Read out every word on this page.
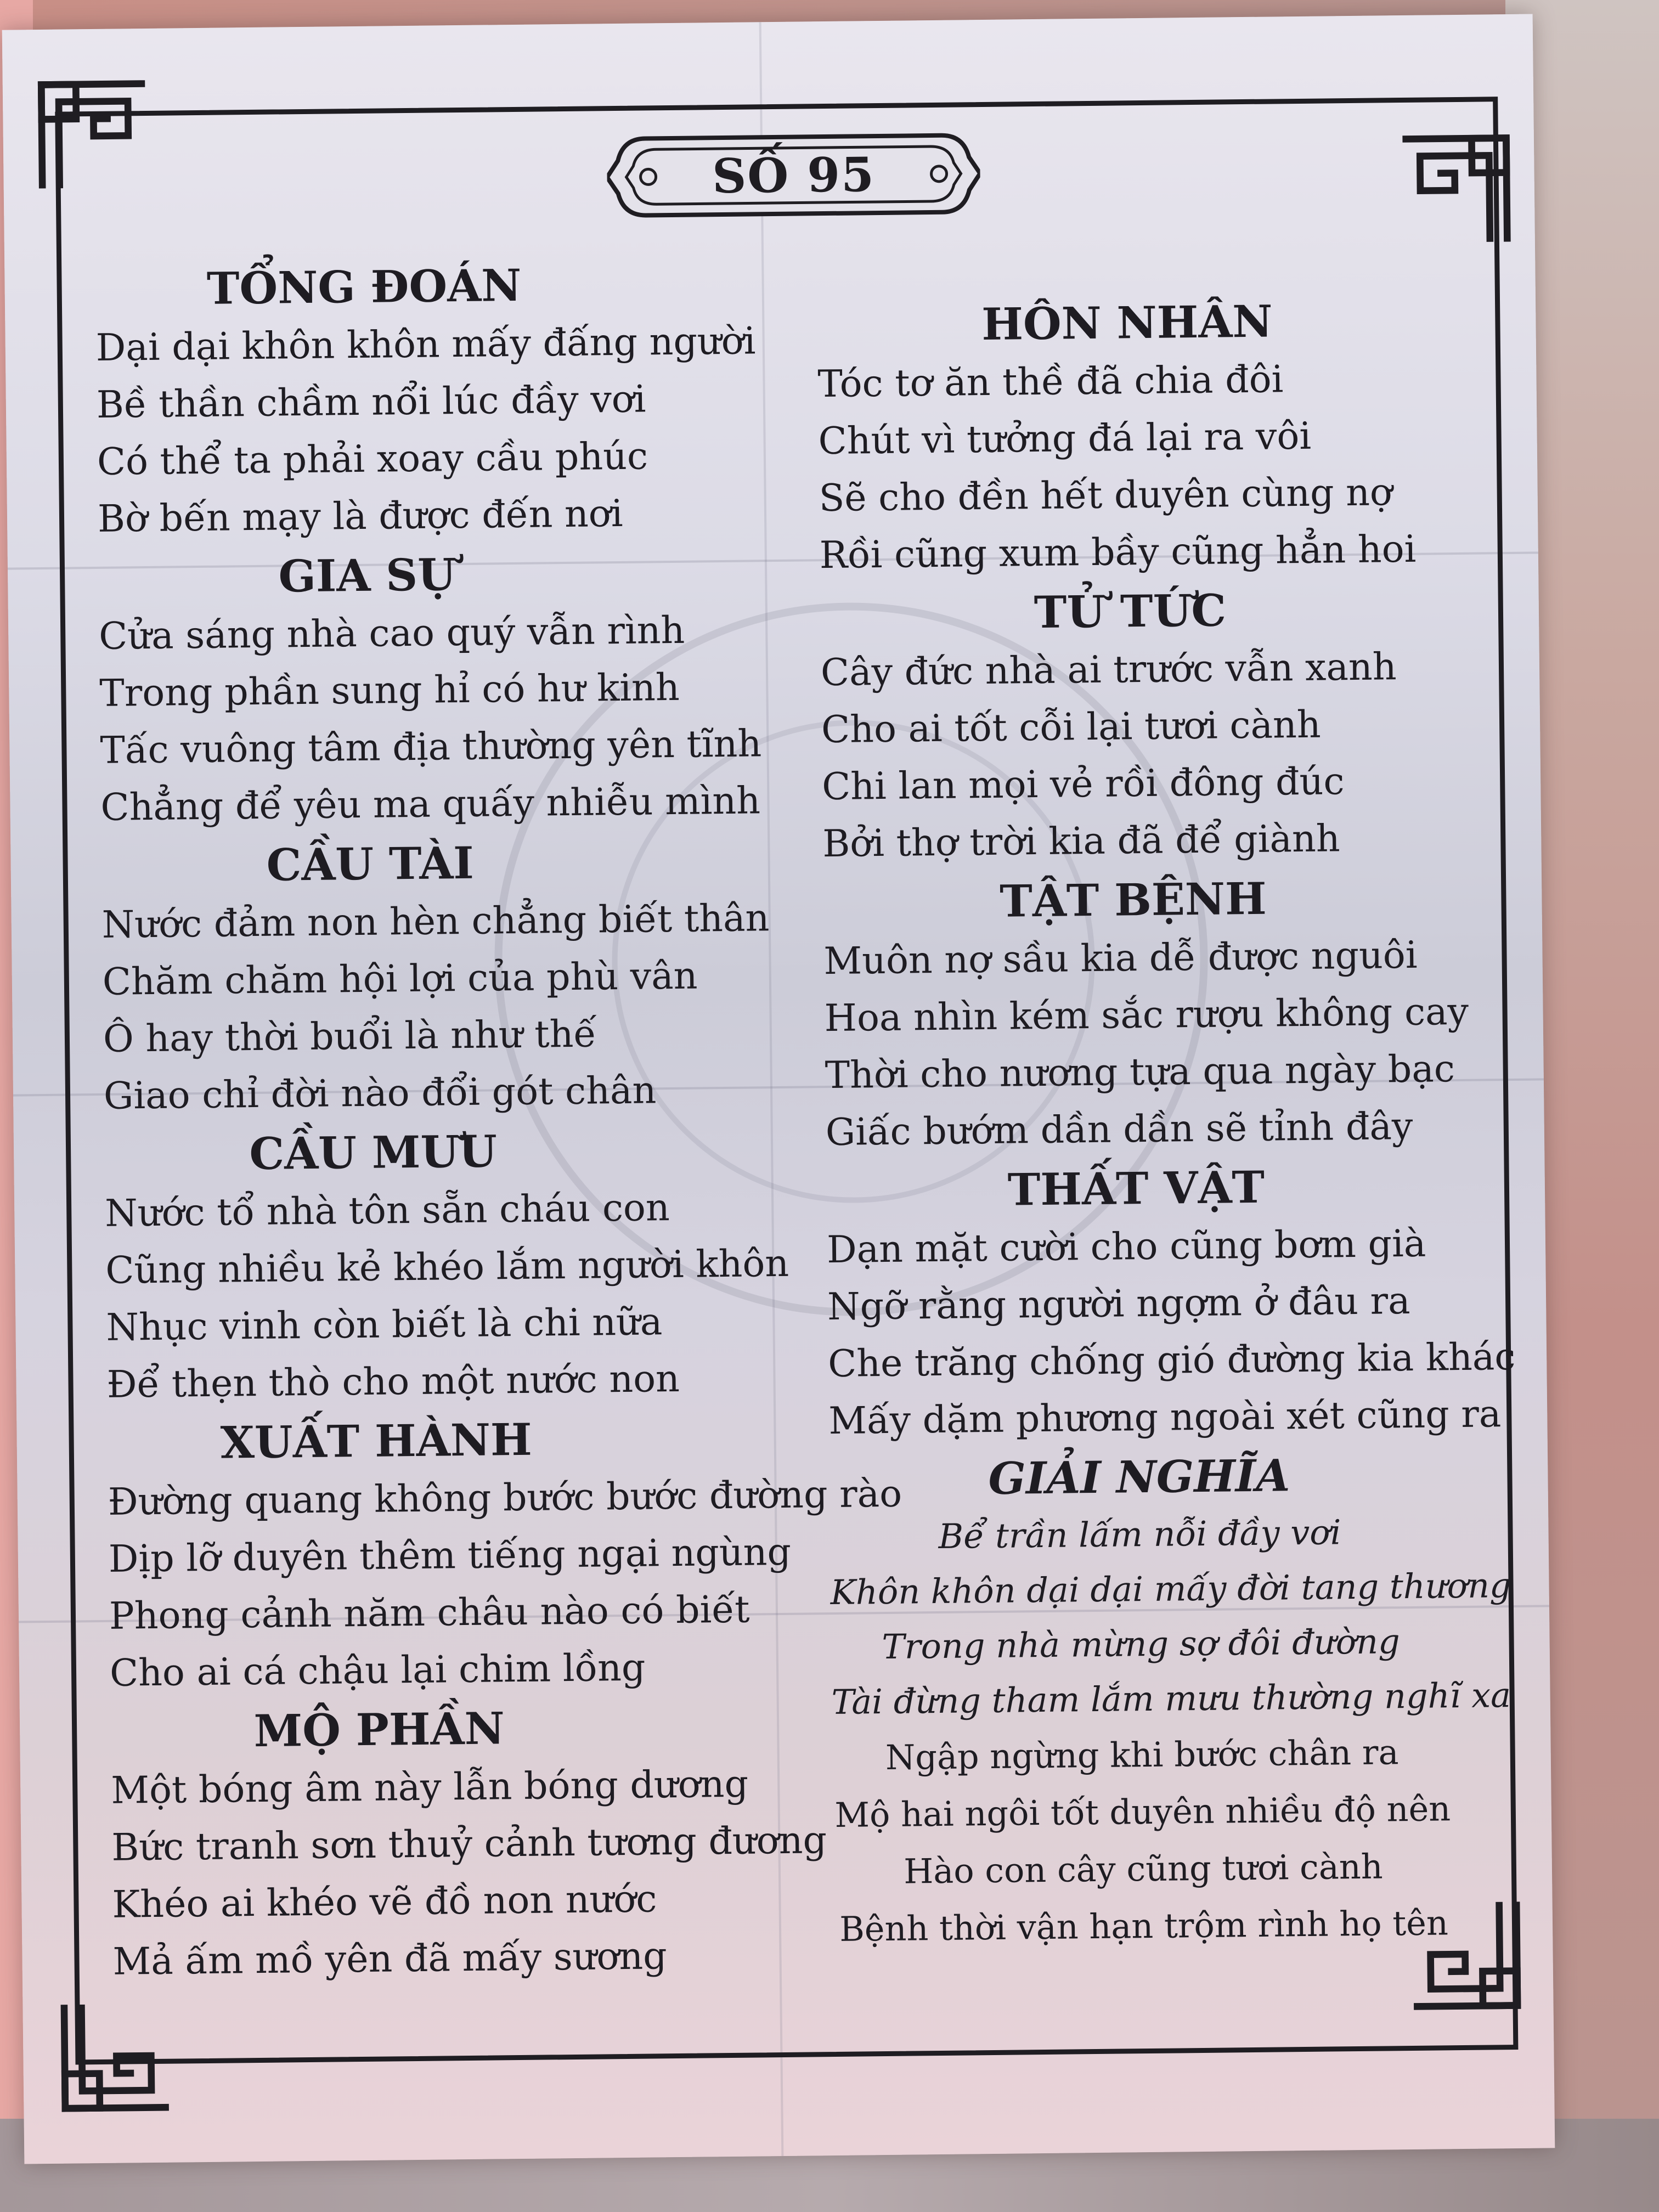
SỐ 95
TỔNG ĐOÁN
Dại dại khôn khôn mấy đấng người
Bề thần chầm nổi lúc đầy vơi
Có thể ta phải xoay cầu phúc
Bờ bến mạy là được đến nơi
GIA SỰ
Cửa sáng nhà cao quý vẫn rình
Trong phần sung hỉ có hư kinh
Tấc vuông tâm địa thường yên tĩnh
Chẳng để yêu ma quấy nhiễu mình
CẦU TÀI
Nước đảm non hèn chẳng biết thân
Chăm chăm hội lợi của phù vân
Ô hay thời buổi là như thế
Giao chỉ đời nào đổi gót chân
CẦU MƯU
Nước tổ nhà tôn sẵn cháu con
Cũng nhiều kẻ khéo lắm người khôn
Nhục vinh còn biết là chi nữa
Để thẹn thò cho một nước non
XUẤT HÀNH
Đường quang không bước bước đường rào
Dịp lỡ duyên thêm tiếng ngại ngùng
Phong cảnh năm châu nào có biết
Cho ai cá chậu lại chim lồng
MỘ PHẦN
Một bóng âm này lẫn bóng dương
Bức tranh sơn thuỷ cảnh tương đương
Khéo ai khéo vẽ đồ non nước
Mả ấm mồ yên đã mấy sương
HÔN NHÂN
Tóc tơ ăn thề đã chia đôi
Chút vì tưởng đá lại ra vôi
Sẽ cho đền hết duyên cùng nợ
Rồi cũng xum bầy cũng hẳn hoi
TỬ TỨC
Cây đức nhà ai trước vẫn xanh
Cho ai tốt cỗi lại tươi cành
Chi lan mọi vẻ rồi đông đúc
Bởi thợ trời kia đã để giành
TẬT BỆNH
Muôn nợ sầu kia dễ được nguôi
Hoa nhìn kém sắc rượu không cay
Thời cho nương tựa qua ngày bạc
Giấc bướm dần dần sẽ tỉnh đây
THẤT VẬT
Dạn mặt cười cho cũng bơm già
Ngỡ rằng người ngợm ở đâu ra
Che trăng chống gió đường kia khác
Mấy dặm phương ngoài xét cũng ra
GIẢI NGHĨA
Bể trần lấm nỗi đầy vơi
Khôn khôn dại dại mấy đời tang thương
Trong nhà mừng sợ đôi đường
Tài đừng tham lắm mưu thường nghĩ xa
Ngập ngừng khi bước chân ra
Mộ hai ngôi tốt duyên nhiều độ nên
Hào con cây cũng tươi cành
Bệnh thời vận hạn trộm rình họ tên
